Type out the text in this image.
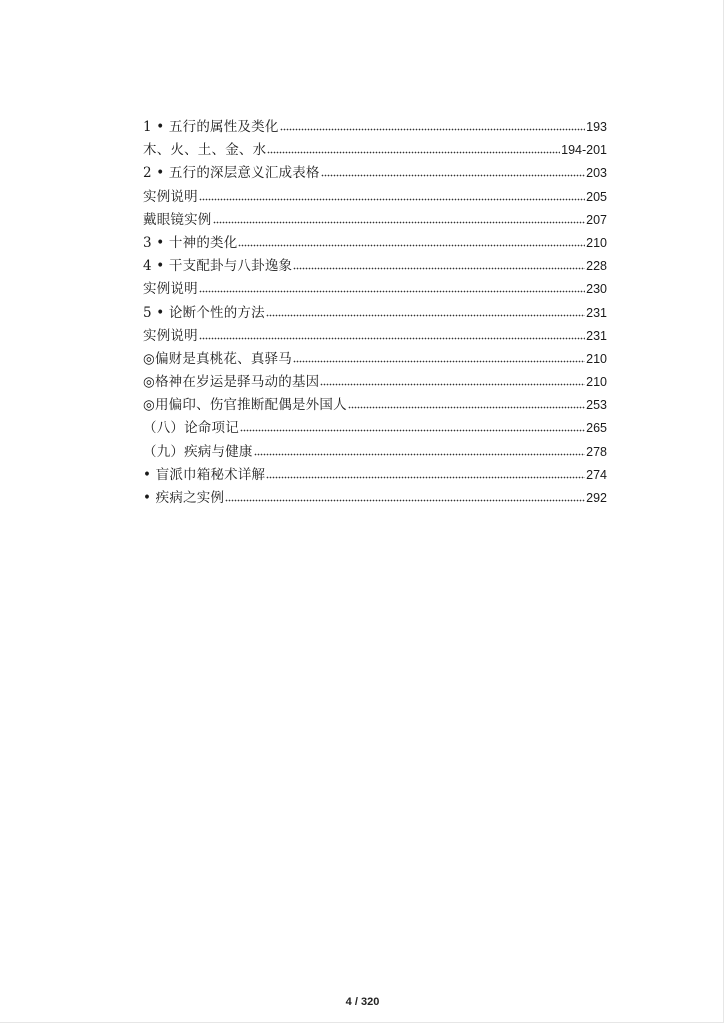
1 • 五行的属性及类化	193
木、火、土、金、水	194-201
2 • 五行的深层意义汇成表格	203
实例说明	205
戴眼镜实例	207
3 • 十神的类化	210
4 • 干支配卦与八卦逸象	228
实例说明	230
5 • 论断个性的方法	231
实例说明	231
◎偏财是真桃花、真驿马	210
◎格神在岁运是驿马动的基因	210
◎用偏印、伤官推断配偶是外国人	253
（八）论命项记	265
（九）疾病与健康	278
• 盲派巾箱秘术详解	274
• 疾病之实例	292
4 / 320
